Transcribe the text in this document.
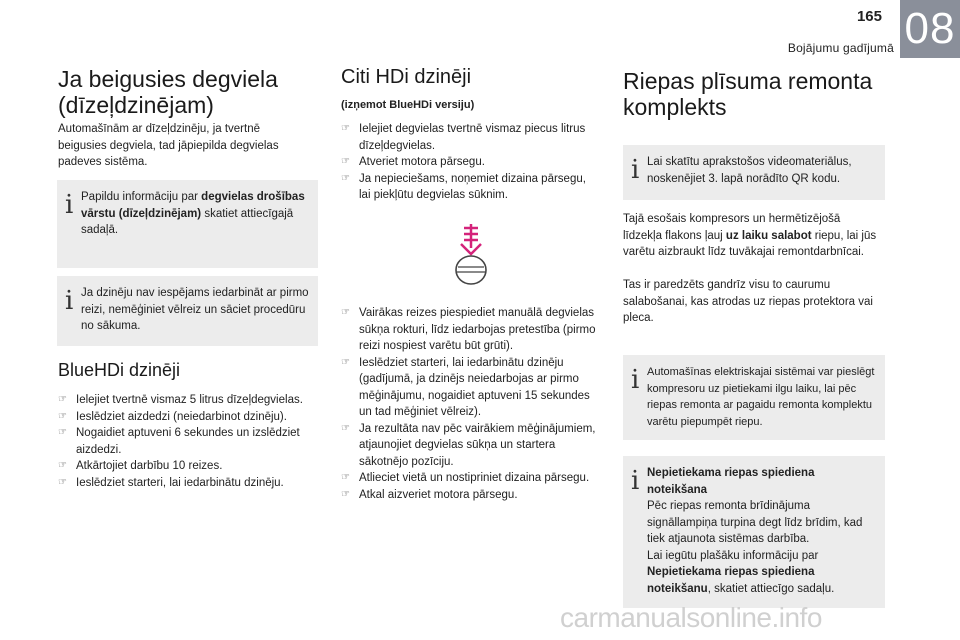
165
Bojājumu gadījumā 08
Ja beigusies degviela
(dīzeļdzinējam)

Automašīnām ar dīzeļdzinēju, ja tvertnē beigusies degviela, tad jāpiepilda degvielas padeves sistēma.

i Papildu informāciju par degvielas drošības vārstu (dīzeļdzinējam) skatiet attiecīgajā sadaļā.
i Ja dzinēju nav iespējams iedarbināt ar pirmo reizi, nemēģiniet vēlreiz un sāciet procedūru no sākuma.
BlueHDi dzinēji
☞ Ielejiet tvertnē vismaz 5 litrus dīzeļdegvielas.
☞ Ieslēdziet aizdedzi (neiedarbinot dzinēju).
☞ Nogaidiet aptuveni 6 sekundes un izslēdziet aizdedzi.
☞ Atkārtojiet darbību 10 reizes.
☞ Ieslēdziet starteri, lai iedarbinātu dzinēju.
Citi HDi dzinēji

(izņemot BlueHDi versiju)

☞ Ielejiet degvielas tvertnē vismaz piecus litrus dīzeļdegvielas.
☞ Atveriet motora pārsegu.
☞ Ja nepieciešams, noņemiet dizaina pārsegu, lai piekļūtu degvielas sūknim.
☞ Vairākas reizes piespiediet manuālā degvielas sūkņa rokturi, līdz iedarbojas pretestība (pirmo reizi nospiest varētu būt grūti).
☞ Ieslēdziet starteri, lai iedarbinātu dzinēju (gadījumā, ja dzinējs neiedarbojas ar pirmo mēģinājumu, nogaidiet aptuveni 15 sekundes un tad mēģiniet vēlreiz).
☞ Ja rezultāta nav pēc vairākiem mēģinājumiem, atjaunojiet degvielas sūkņa un startera sākotnējo pozīciju.
☞ Atlieciet vietā un nostipriniet dizaina pārsegu.
☞ Atkal aizveriet motora pārsegu.
Riepas plīsuma remonta
komplekts
i Lai skatītu aprakstošos videomateriālus, noskenējiet 3. lapā norādīto QR kodu.

Tajā esošais kompresors un hermētizējošā līdzekļa flakons ļauj uz laiku salabot riepu, lai jūs varētu aizbraukt līdz tuvākajai remontdarbnīcai.

Tas ir paredzēts gandrīz visu to caurumu salabošanai, kas atrodas uz riepas protektora vai pleca.

i Automašīnas elektriskajai sistēmai var pieslēgt kompresoru uz pietiekami ilgu laiku, lai pēc riepas remonta ar pagaidu remonta komplektu varētu piepumpēt riepu.
i Nepietiekama riepas spiediena noteikšana
Pēc riepas remonta brīdinājuma signāllampiņa turpina degt līdz brīdim, kad tiek atjaunota sistēmas darbība.
Lai iegūtu plašāku informāciju par
Nepietiekama riepas spiediena noteikšanu, skatiet attiecīgo sadaļu.
carmanualsonline.info
